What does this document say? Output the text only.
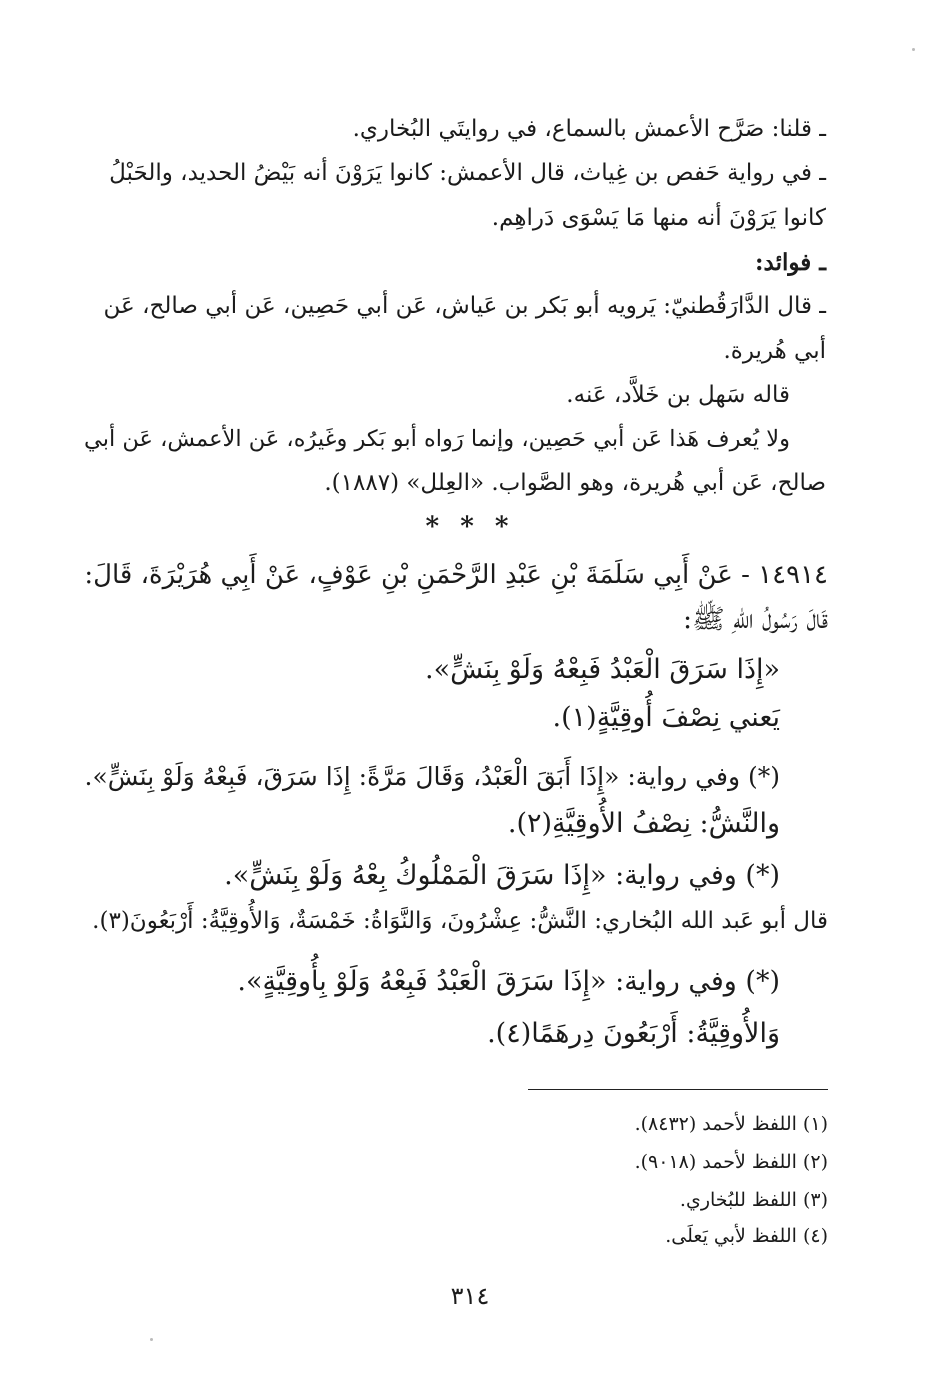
ـ قلنا: صَرَّح الأعمش بالسماع، في روايتَي البُخاري.
ـ في رواية حَفص بن غِياث، قال الأعمش: كانوا يَرَوْنَ أنه بَيْضُ الحديد، والحَبْلُ
كانوا يَرَوْنَ أنه منها مَا يَسْوَى دَراهِم.
ـ فوائد:
ـ قال الدَّارَقُطنيّ: يَرويه أبو بَكر بن عَياش، عَن أبي حَصِين، عَن أبي صالح، عَن
أبي هُريرة.
قاله سَهل بن خَلاَّد، عَنه.
ولا يُعرف هَذا عَن أبي حَصِين، وإنما رَواه أبو بَكر وغَيرُه، عَن الأعمش، عَن أبي
صالح، عَن أبي هُريرة، وهو الصَّواب. «العِلل» (١٨٨٧).
* * *
١٤٩١٤ - عَنْ أَبِي سَلَمَةَ بْنِ عَبْدِ الرَّحْمَنِ بْنِ عَوْفٍ، عَنْ أَبِي هُرَيْرَةَ، قَالَ:
قَالَ رَسُولُ اللهِ ﷺ:
«إِذَا سَرَقَ الْعَبْدُ فَبِعْهُ وَلَوْ بِنَشٍّ».
يَعني نِصْفَ أُوقِيَّةٍ(١).
(*) وفي رواية: «إِذَا أَبَقَ الْعَبْدُ، وَقَالَ مَرَّةً: إِذَا سَرَقَ، فَبِعْهُ وَلَوْ بِنَشٍّ».
والنَّشُّ: نِصْفُ الأُوقِيَّةِ(٢).
(*) وفي رواية: «إِذَا سَرَقَ الْمَمْلُوكُ بِعْهُ وَلَوْ بِنَشٍّ».
قال أبو عَبد الله البُخاري: النَّشُّ: عِشْرُونَ، وَالنَّوَاةُ: خَمْسَةٌ، وَالأُوقِيَّةُ: أَرْبَعُونَ(٣).
(*) وفي رواية: «إِذَا سَرَقَ الْعَبْدُ فَبِعْهُ وَلَوْ بِأُوقِيَّةٍ».
وَالأُوقِيَّةُ: أَرْبَعُونَ دِرهَمًا(٤).
(١) اللفظ لأحمد (٨٤٣٢).
(٢) اللفظ لأحمد (٩٠١٨).
(٣) اللفظ للبُخاري.
(٤) اللفظ لأبي يَعلَى.
٣١٤
